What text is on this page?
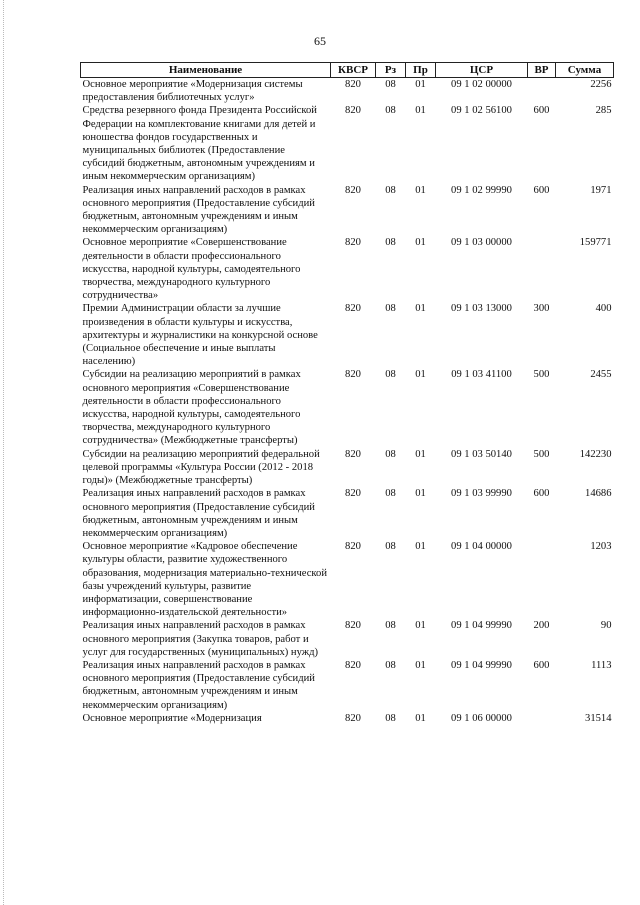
65
Наименование	КВСР	Рз	Пр	ЦСР	ВР	Сумма
Основное мероприятие «Модернизация системы предоставления библиотечных услуг»	820	08	01	09 1 02 00000		2256
Средства резервного фонда Президента Российской Федерации на комплектование книгами для детей и юношества фондов государственных и муниципальных библиотек (Предоставление субсидий бюджетным, автономным учреждениям и иным некоммерческим организациям)	820	08	01	09 1 02 56100	600	285
Реализация иных направлений расходов в рамках основного мероприятия (Предоставление субсидий бюджетным, автономным учреждениям и иным некоммерческим организациям)	820	08	01	09 1 02 99990	600	1971
Основное мероприятие «Совершенствование деятельности в области профессионального искусства, народной культуры, самодеятельного творчества, международного культурного сотрудничества»	820	08	01	09 1 03 00000		159771
Премии Администрации области за лучшие произведения в области культуры и искусства, архитектуры и журналистики на конкурсной основе (Социальное обеспечение и иные выплаты населению)	820	08	01	09 1 03 13000	300	400
Субсидии на реализацию мероприятий в рамках основного мероприятия «Совершенствование деятельности в области профессионального искусства, народной культуры, самодеятельного творчества, международного культурного сотрудничества» (Межбюджетные трансферты)	820	08	01	09 1 03 41100	500	2455
Субсидии на реализацию мероприятий федеральной целевой программы «Культура России (2012 - 2018 годы)» (Межбюджетные трансферты)	820	08	01	09 1 03 50140	500	142230
Реализация иных направлений расходов в рамках основного мероприятия (Предоставление субсидий бюджетным, автономным учреждениям и иным некоммерческим организациям)	820	08	01	09 1 03 99990	600	14686
Основное мероприятие «Кадровое обеспечение культуры области, развитие художественного образования, модернизация материально-технической базы учреждений культуры, развитие информатизации, совершенствование информационно-издательской деятельности»	820	08	01	09 1 04 00000		1203
Реализация иных направлений расходов в рамках основного мероприятия (Закупка товаров, работ и услуг для государственных (муниципальных) нужд)	820	08	01	09 1 04 99990	200	90
Реализация иных направлений расходов в рамках основного мероприятия (Предоставление субсидий бюджетным, автономным учреждениям и иным некоммерческим организациям)	820	08	01	09 1 04 99990	600	1113
Основное мероприятие «Модернизация	820	08	01	09 1 06 00000		31514
